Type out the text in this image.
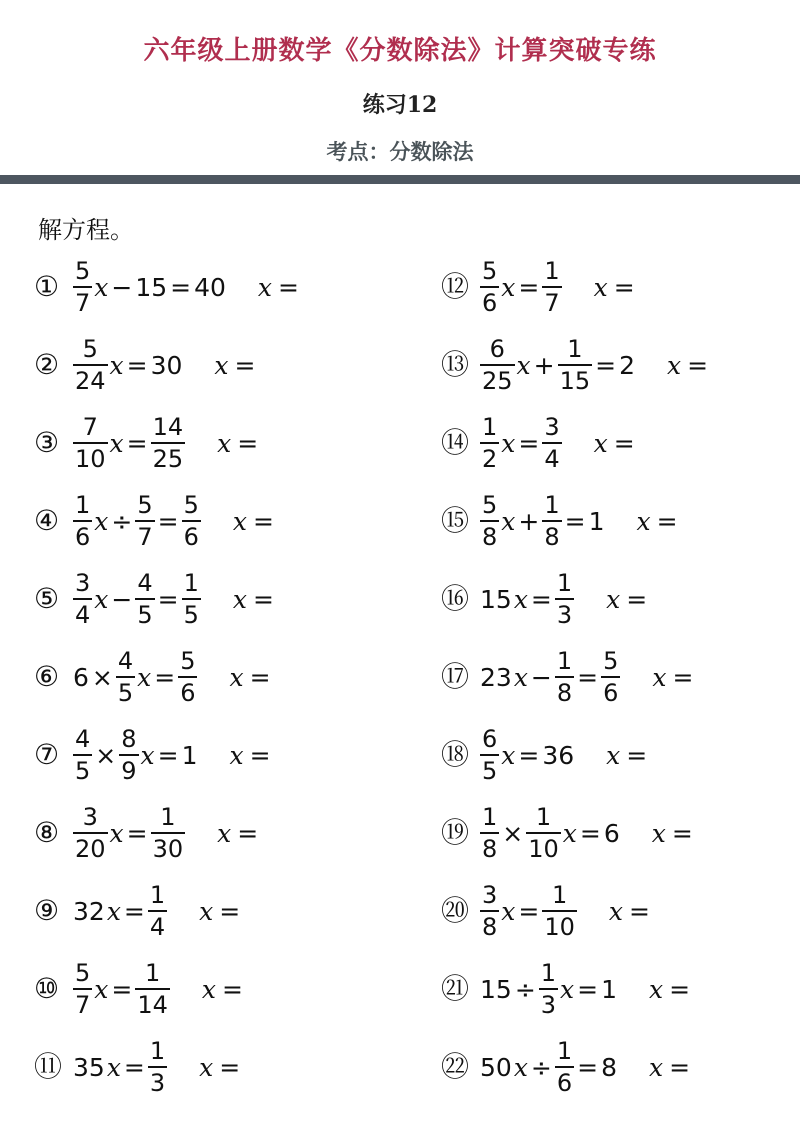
六年级上册数学《分数除法》计算突破专练
练习12
考点：分数除法
解方程。
① $\frac{5}{7}$ x − 15 = 40 x =
② $\frac{5}{24}$ x = 30 x =
③ $\frac{7}{10}$ $x = \frac{14}{25}$ x =
④ $\frac{1}{6}$ $x \div \frac{5}{7} = \frac{5}{6}$ x =
⑤ $\frac{3}{4}$ $x - \frac{4}{5} = \frac{1}{5}$ x =
⑥ $6 \times \frac{4}{5}$ $x = \frac{5}{6}$ x =
⑦ $\frac{4}{5} \times \frac{8}{9}$ x = 1 x =
⑧ $\frac{3}{20}$ $x = \frac{1}{30}$ x =
⑨ 32 $x = \frac{1}{4}$ x =
⑩ $\frac{5}{7}$ $x = \frac{1}{14}$ x =
⑪ 35 $x = \frac{1}{3}$ x =
⑫ $\frac{5}{6}$ $x = \frac{1}{7}$ x =
⑬ $\frac{6}{25}$ $x + \frac{1}{15} = 2$ x =
⑭ $\frac{1}{2}$ $x = \frac{3}{4}$ x =
⑮ $\frac{5}{8}$ $x + \frac{1}{8} = 1$ x =
⑯ 15 $x = \frac{1}{3}$ x =
⑰ 23 $x - \frac{1}{8} = \frac{5}{6}$ x =
⑱ $\frac{6}{5}$ x = 36 x =
⑲ $\frac{1}{8} \times \frac{1}{10}$ x = 6 x =
⑳ $\frac{3}{8}$ $x = \frac{1}{10}$ x =
㉑ $15 \div \frac{1}{3}$ x = 1 x =
㉒ 50 $x \div \frac{1}{6} = 8$ x =
